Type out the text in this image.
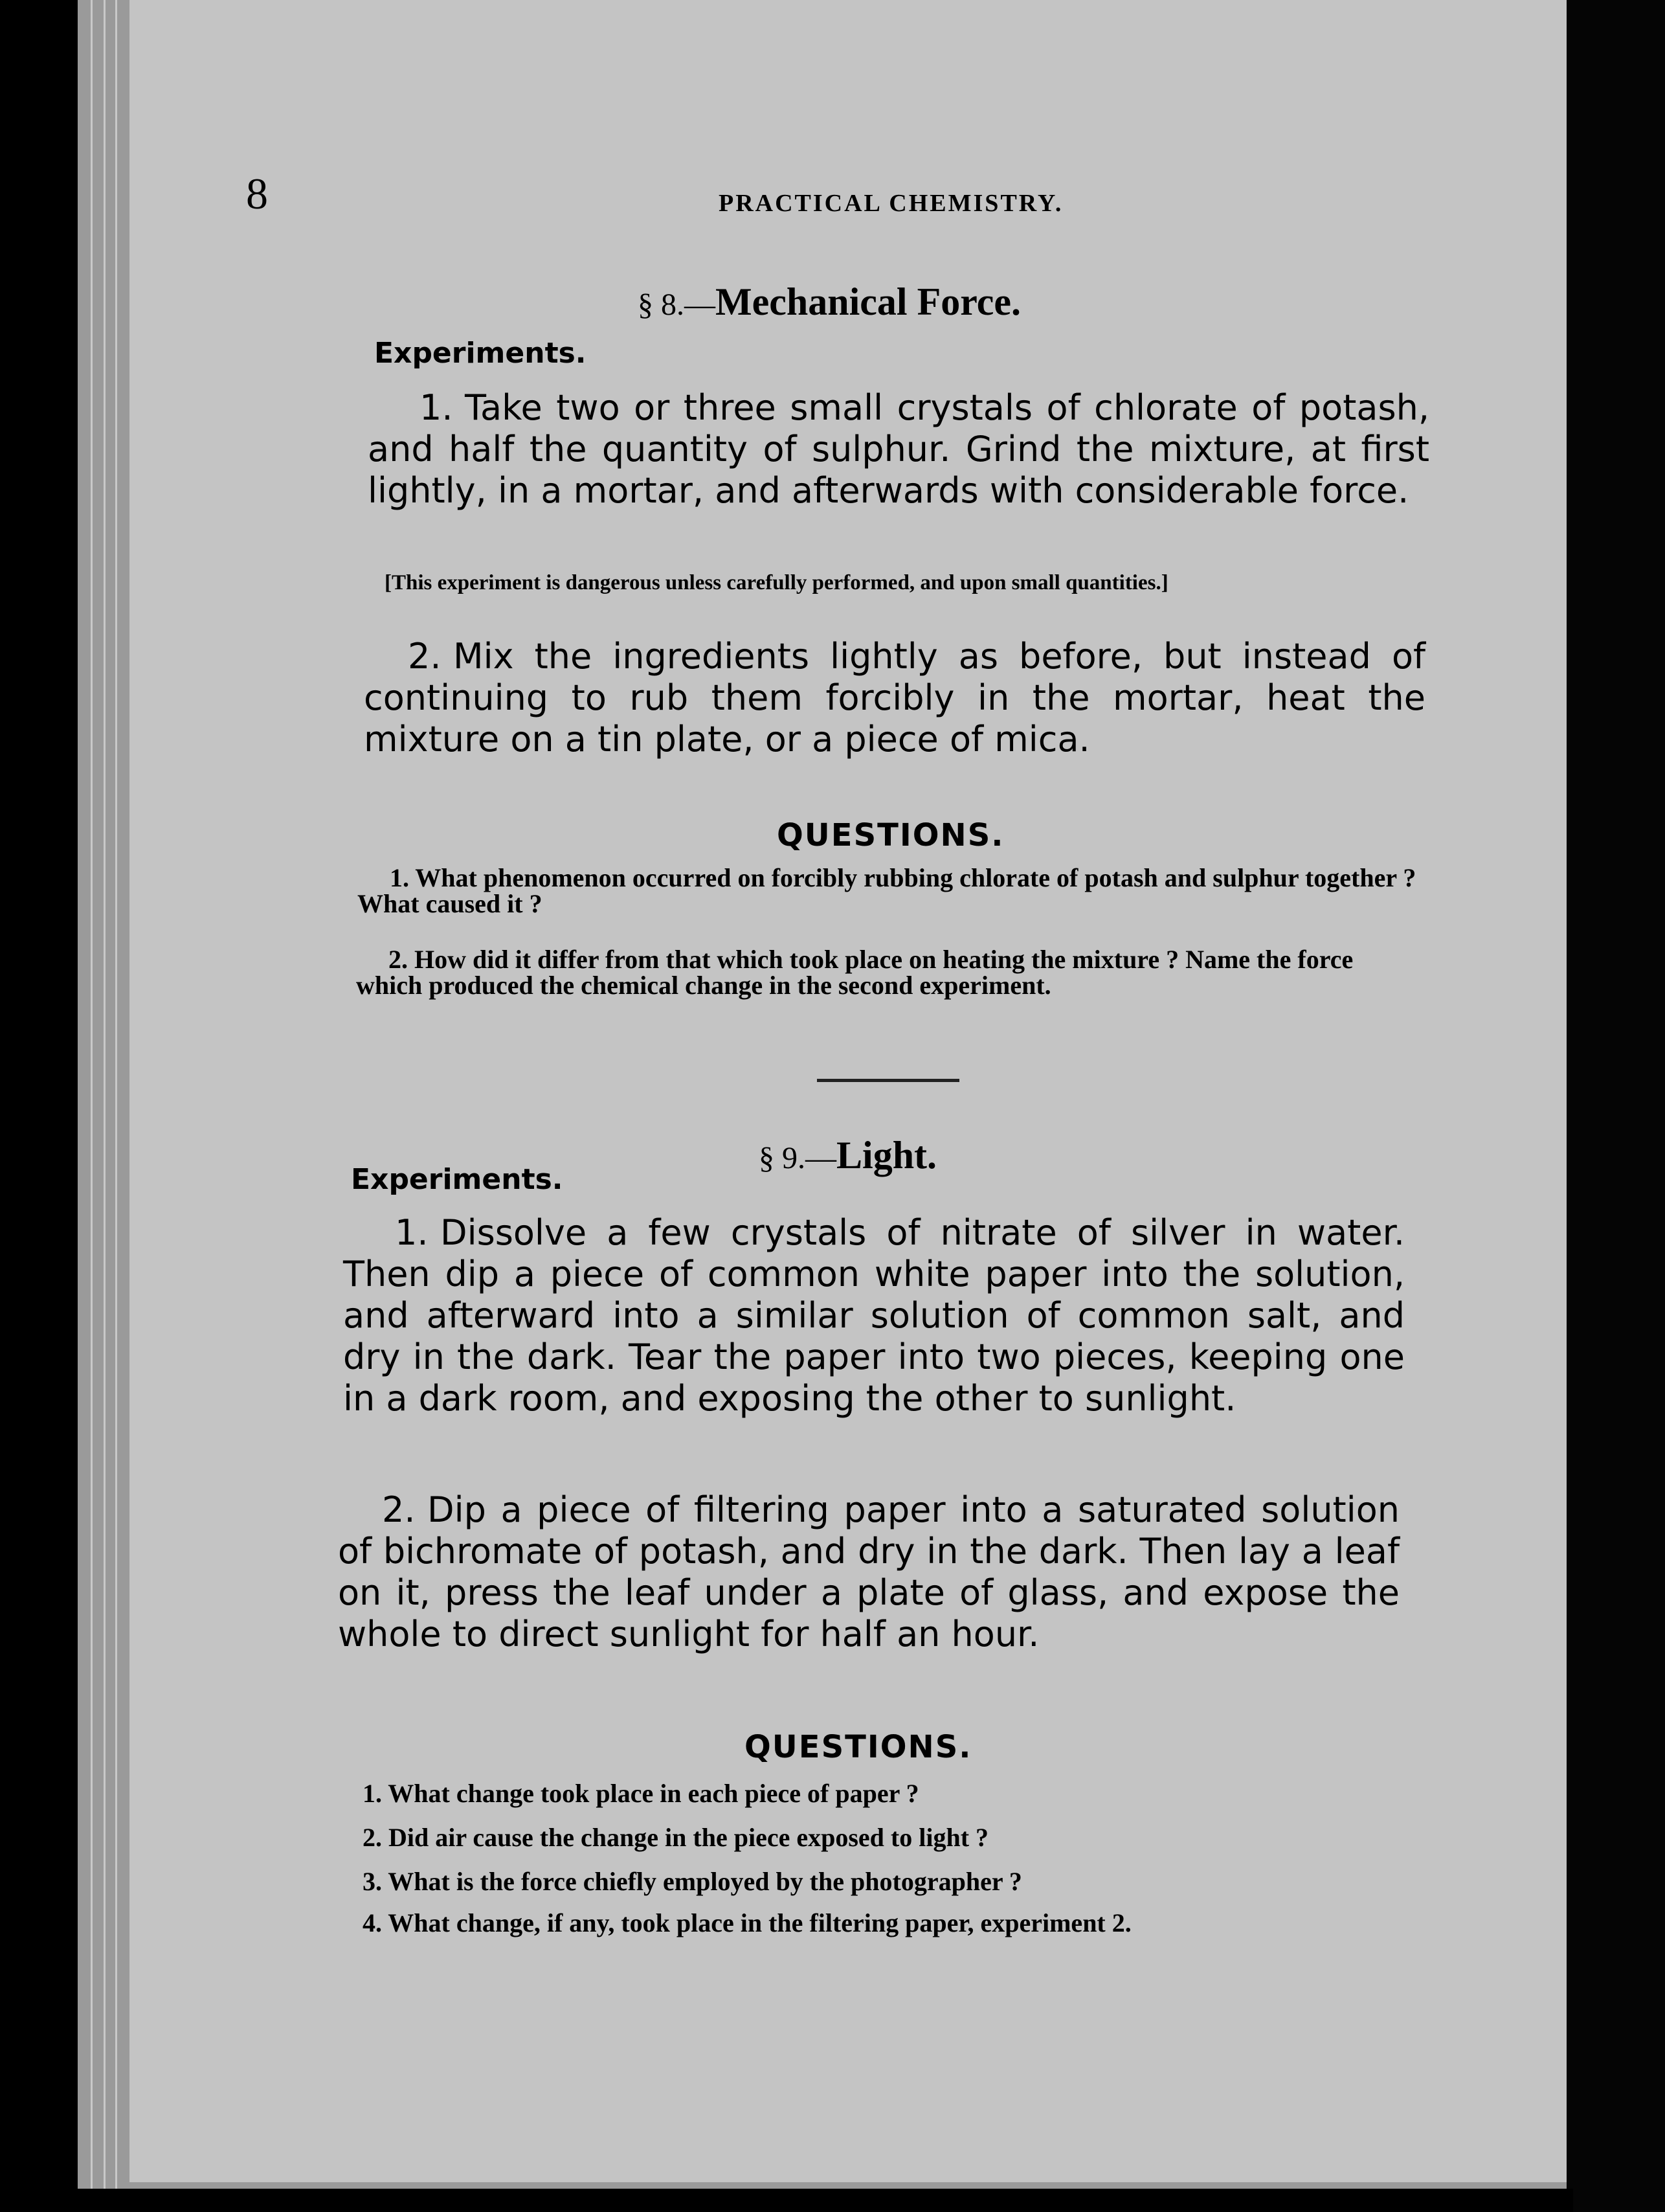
8	PRACTICAL CHEMISTRY.
§ 8.—Mechanical Force.
Experiments.

1. Take two or three small crystals of chlorate of potash, and half the quantity of sulphur. Grind the mixture, at first lightly, in a mortar, and afterwards with considerable force.

[This experiment is dangerous unless carefully performed, and upon small quantities.]

2. Mix the ingredients lightly as before, but instead of continuing to rub them forcibly in the mortar, heat the mixture on a tin plate, or a piece of mica.

QUESTIONS.

1. What phenomenon occurred on forcibly rubbing chlorate of potash and sulphur together ? What caused it ?

2. How did it differ from that which took place on heating the mixture ? Name the force which produced the chemical change in the second experiment.

§ 9.—Light.
Experiments.

1. Dissolve a few crystals of nitrate of silver in water. Then dip a piece of common white paper into the solution, and afterward into a similar solution of common salt, and dry in the dark. Tear the paper into two pieces, keeping one in a dark room, and exposing the other to sunlight.

2. Dip a piece of filtering paper into a saturated solution of bichromate of potash, and dry in the dark. Then lay a leaf on it, press the leaf under a plate of glass, and expose the whole to direct sunlight for half an hour.

QUESTIONS.

1. What change took place in each piece of paper ?

2. Did air cause the change in the piece exposed to light ?

3. What is the force chiefly employed by the photographer ?

4. What change, if any, took place in the filtering paper, experiment 2.
